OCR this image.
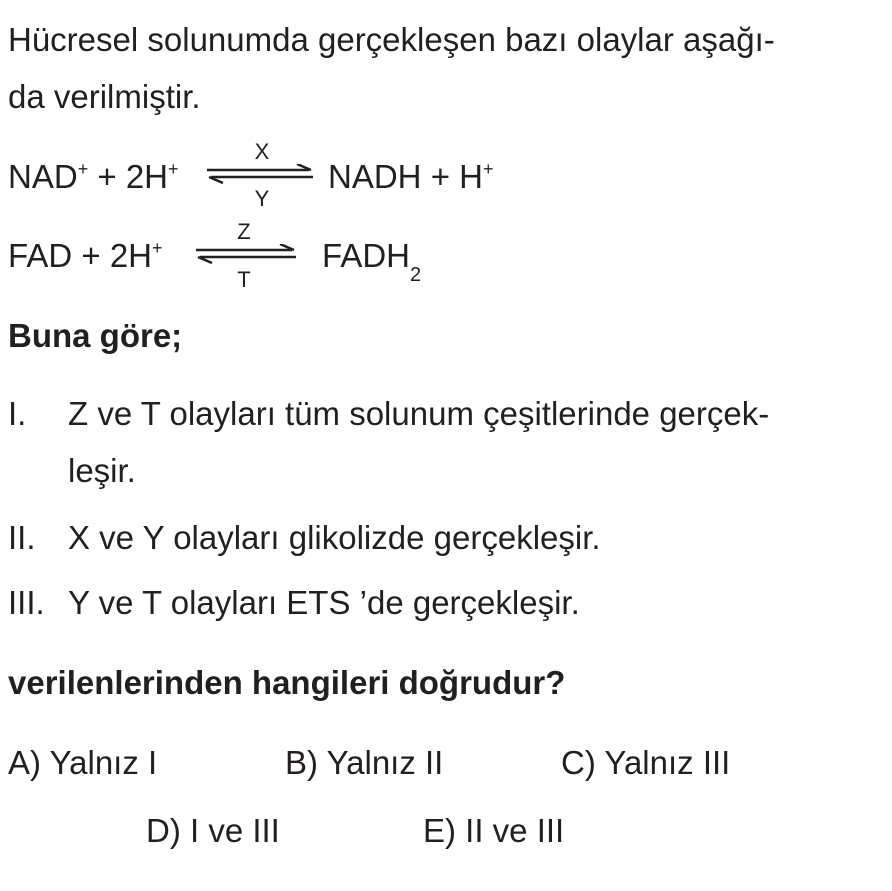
Hücresel solunumda gerçekleşen bazı olaylar aşağı-
da verilmiştir.
NAD+ + 2H+
X
Y
NADH + H+
FAD + 2H+
Z
T
$FADH_2$
Buna göre;
I.	Z ve T olayları tüm solunum çeşitlerinde gerçek-
leşir.
II. X ve Y olayları glikolizde gerçekleşir.
III. Y ve T olayları ETS ’de gerçekleşir.
verilenlerinden hangileri doğrudur?
A) Yalnız I	B) Yalnız II	C) Yalnız III
D) I ve III	E) II ve III
